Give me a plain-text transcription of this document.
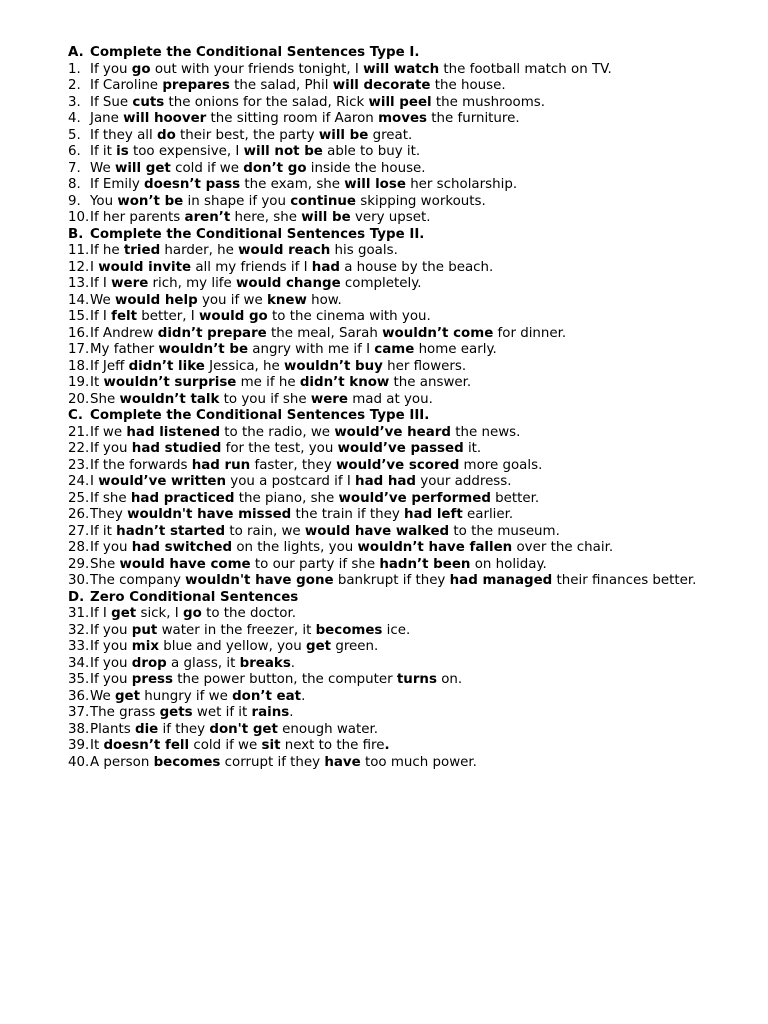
A. Complete the Conditional Sentences Type I.
1. If you go out with your friends tonight, I will watch the football match on TV.
2. If Caroline prepares the salad, Phil will decorate the house.
3. If Sue cuts the onions for the salad, Rick will peel the mushrooms.
4. Jane will hoover the sitting room if Aaron moves the furniture.
5. If they all do their best, the party will be great.
6. If it is too expensive, I will not be able to buy it.
7. We will get cold if we don’t go inside the house.
8. If Emily doesn’t pass the exam, she will lose her scholarship.
9. You won’t be in shape if you continue skipping workouts.
10. If her parents aren’t here, she will be very upset.
B. Complete the Conditional Sentences Type II.
11. If he tried harder, he would reach his goals.
12. I would invite all my friends if I had a house by the beach.
13. If I were rich, my life would change completely.
14. We would help you if we knew how.
15. If I felt better, I would go to the cinema with you.
16. If Andrew didn’t prepare the meal, Sarah wouldn’t come for dinner.
17. My father wouldn’t be angry with me if I came home early.
18. If Jeff didn’t like Jessica, he wouldn’t buy her flowers.
19. It wouldn’t surprise me if he didn’t know the answer.
20. She wouldn’t talk to you if she were mad at you.
C. Complete the Conditional Sentences Type III.
21. If we had listened to the radio, we would’ve heard the news.
22. If you had studied for the test, you would’ve passed it.
23. If the forwards had run faster, they would’ve scored more goals.
24. I would’ve written you a postcard if I had had your address.
25. If she had practiced the piano, she would’ve performed better.
26. They wouldn't have missed the train if they had left earlier.
27. If it hadn’t started to rain, we would have walked to the museum.
28. If you had switched on the lights, you wouldn’t have fallen over the chair.
29. She would have come to our party if she hadn’t been on holiday.
30. The company wouldn't have gone bankrupt if they had managed their finances better.
D. Zero Conditional Sentences
31. If I get sick, I go to the doctor.
32. If you put water in the freezer, it becomes ice.
33. If you mix blue and yellow, you get green.
34. If you drop a glass, it breaks.
35. If you press the power button, the computer turns on.
36. We get hungry if we don’t eat.
37. The grass gets wet if it rains.
38. Plants die if they don't get enough water.
39. It doesn’t fell cold if we sit next to the fire.
40. A person becomes corrupt if they have too much power.
